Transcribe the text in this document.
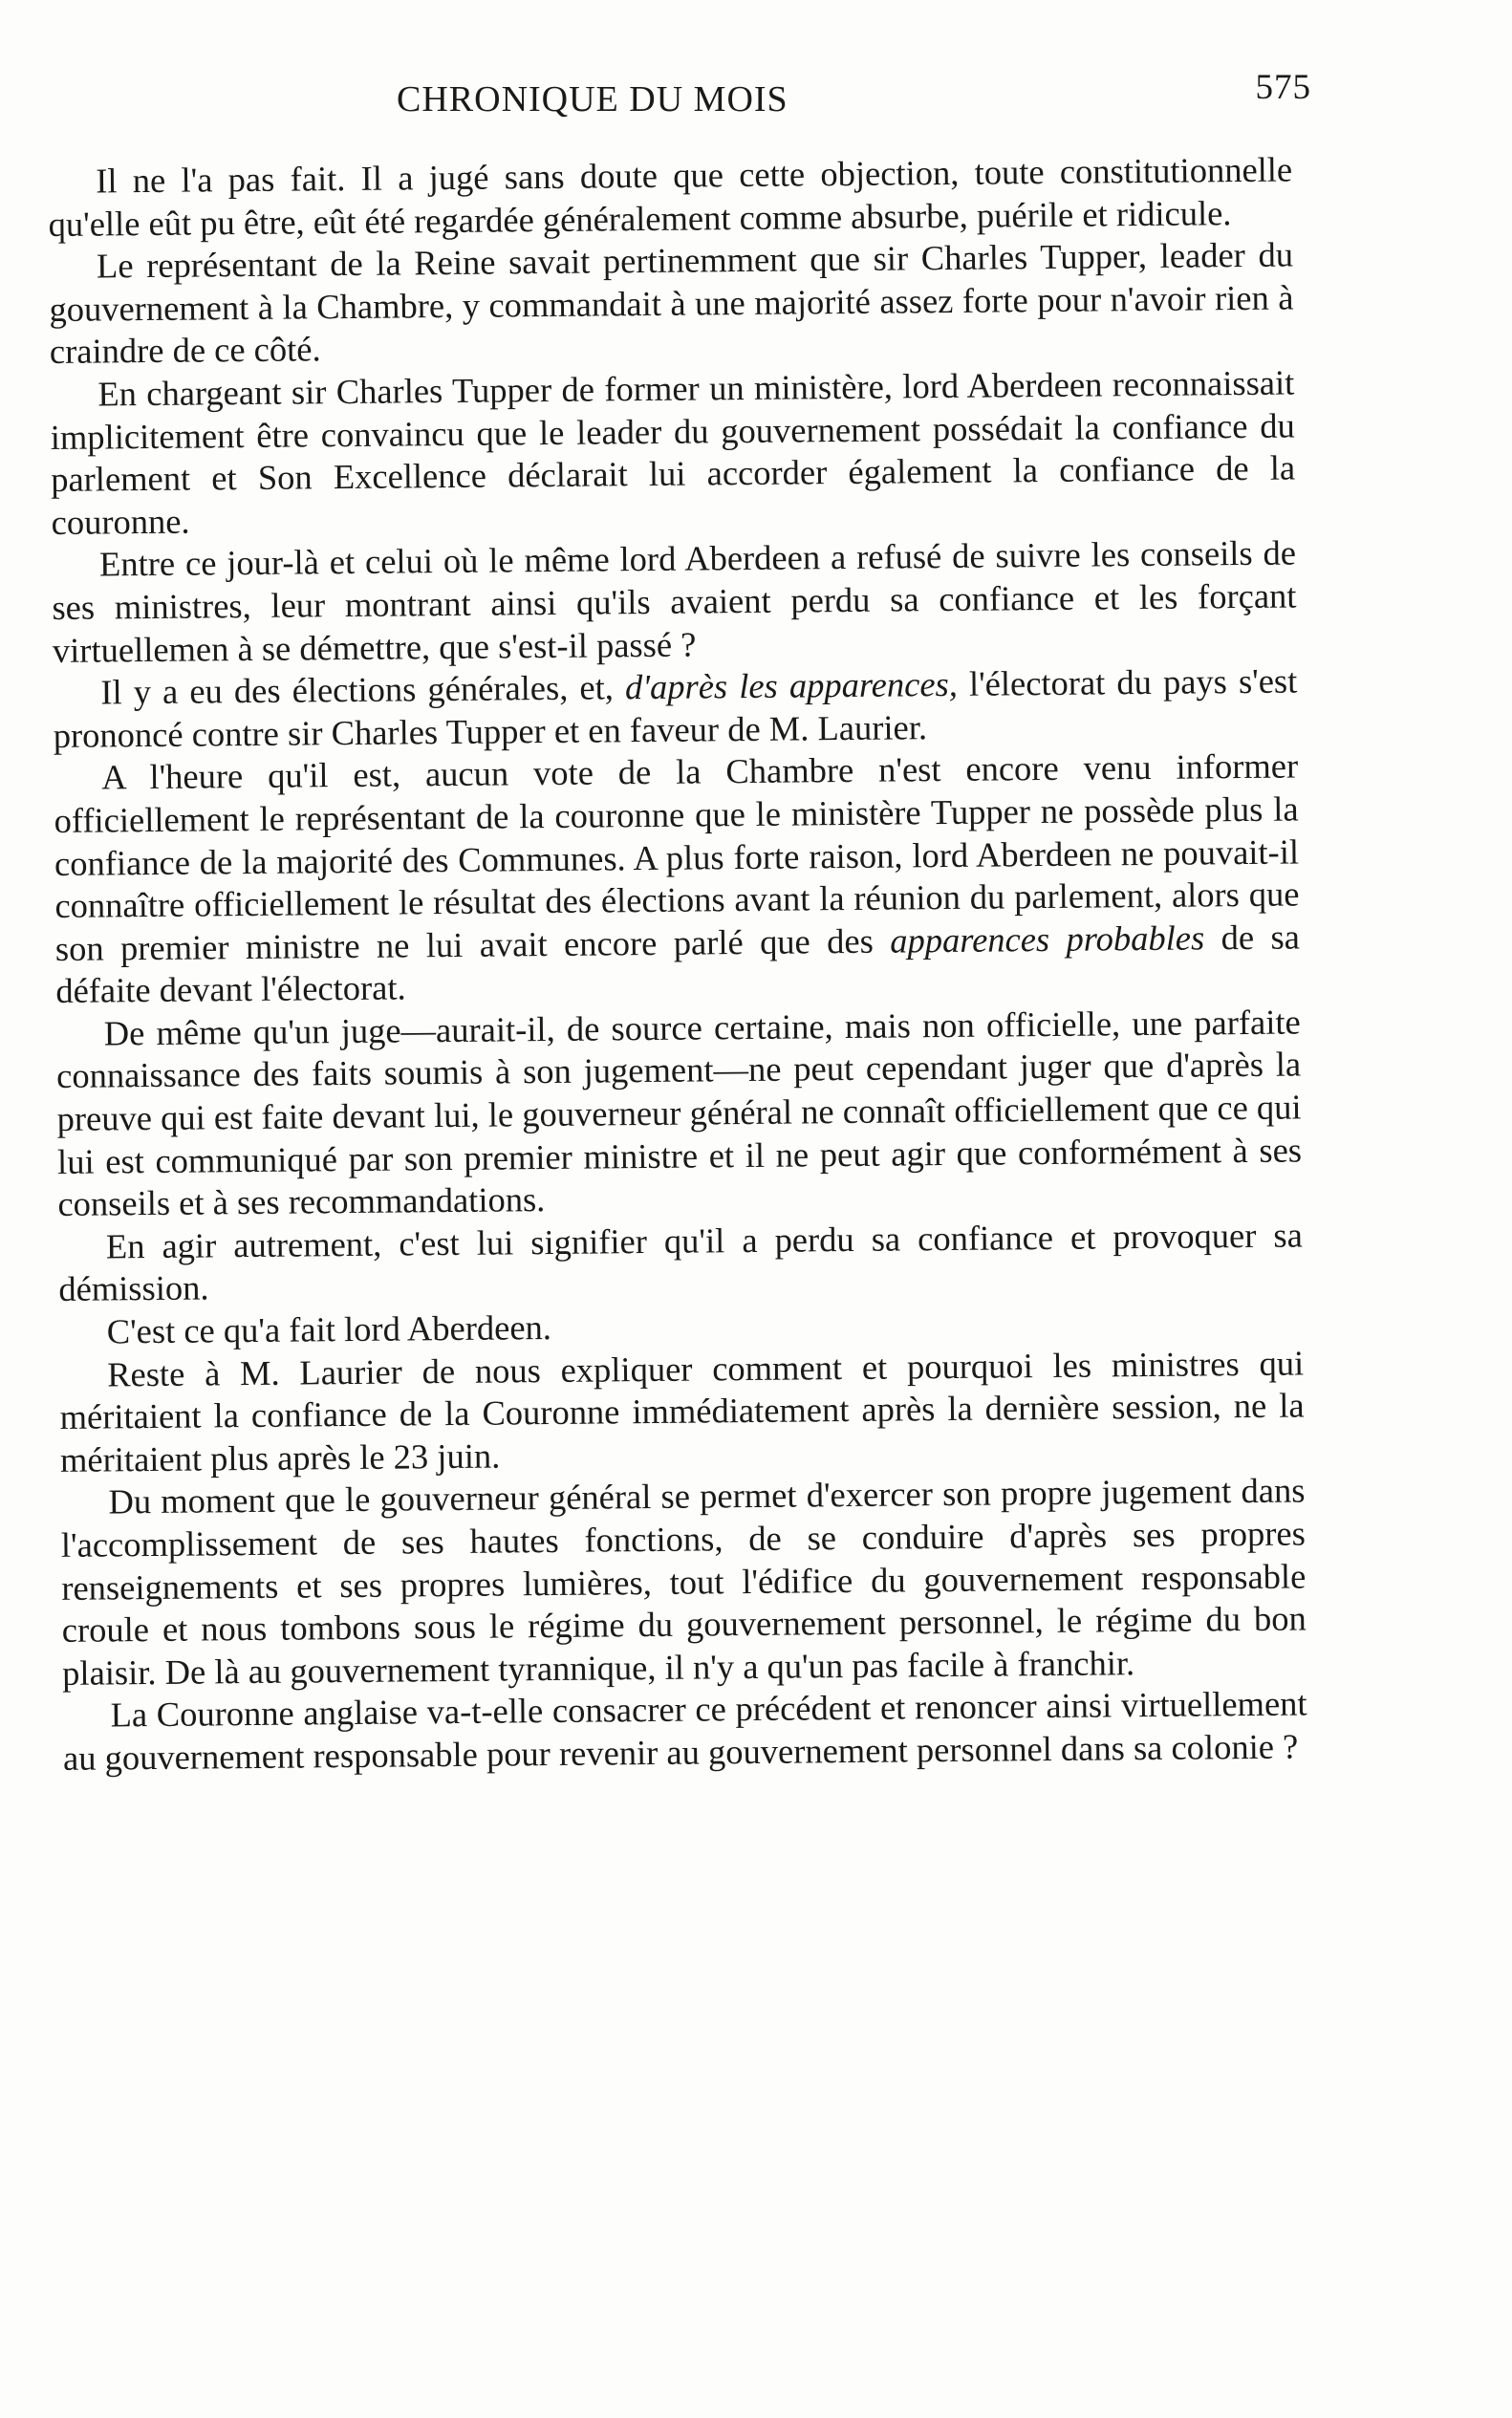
CHRONIQUE DU MOIS	575

Il ne l'a pas fait. Il a jugé sans doute que cette objection, toute constitutionnelle qu'elle eût pu être, eût été regardée généralement comme absurbe, puérile et ridicule.

Le représentant de la Reine savait pertinemment que sir Charles Tupper, leader du gouvernement à la Chambre, y commandait à une majorité assez forte pour n'avoir rien à craindre de ce côté.

En chargeant sir Charles Tupper de former un ministère, lord Aberdeen reconnaissait implicitement être convaincu que le leader du gouvernement possédait la confiance du parlement et Son Excellence déclarait lui accorder également la confiance de la couronne.

Entre ce jour-là et celui où le même lord Aberdeen a refusé de suivre les conseils de ses ministres, leur montrant ainsi qu'ils avaient perdu sa confiance et les forçant virtuellemen à se démettre, que s'est-il passé ?

Il y a eu des élections générales, et, d'après les apparences, l'électorat du pays s'est prononcé contre sir Charles Tupper et en faveur de M. Laurier.

A l'heure qu'il est, aucun vote de la Chambre n'est encore venu informer officiellement le représentant de la couronne que le ministère Tupper ne possède plus la confiance de la majorité des Communes. A plus forte raison, lord Aberdeen ne pouvait-il connaître officiellement le résultat des élections avant la réunion du parlement, alors que son premier ministre ne lui avait encore parlé que des apparences probables de sa défaite devant l'électorat.

De même qu'un juge—aurait-il, de source certaine, mais non officielle, une parfaite connaissance des faits soumis à son jugement—ne peut cependant juger que d'après la preuve qui est faite devant lui, le gouverneur général ne connaît officiellement que ce qui lui est communiqué par son premier ministre et il ne peut agir que conformément à ses conseils et à ses recommandations.

En agir autrement, c'est lui signifier qu'il a perdu sa confiance et provoquer sa démission.

C'est ce qu'a fait lord Aberdeen.

Reste à M. Laurier de nous expliquer comment et pourquoi les ministres qui méritaient la confiance de la Couronne immédiatement après la dernière session, ne la méritaient plus après le 23 juin.

Du moment que le gouverneur général se permet d'exercer son propre jugement dans l'accomplissement de ses hautes fonctions, de se conduire d'après ses propres renseignements et ses propres lumières, tout l'édifice du gouvernement responsable croule et nous tombons sous le régime du gouvernement personnel, le régime du bon plaisir. De là au gouvernement tyrannique, il n'y a qu'un pas facile à franchir.

La Couronne anglaise va-t-elle consacrer ce précédent et renoncer ainsi virtuellement au gouvernement responsable pour revenir au gouvernement personnel dans sa colonie ?
